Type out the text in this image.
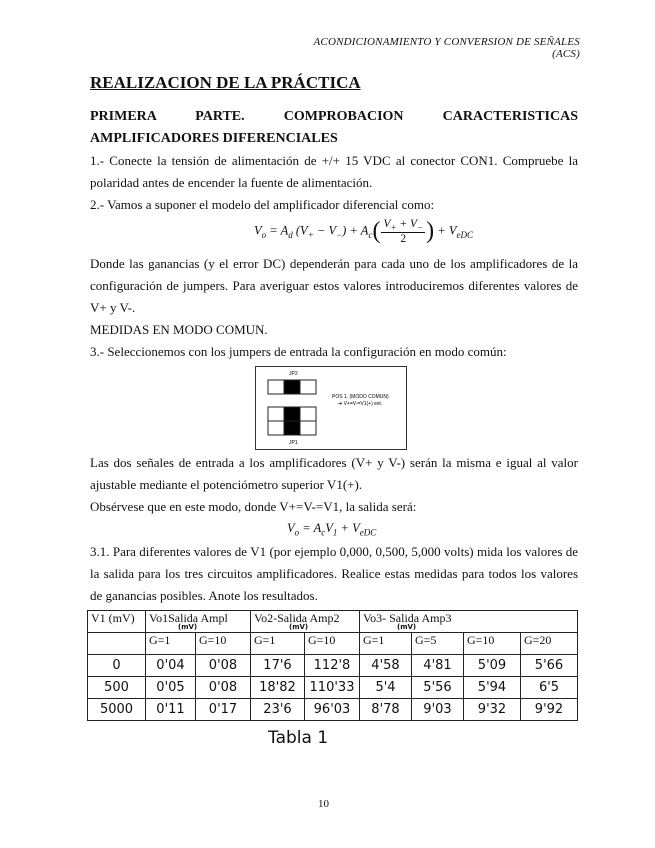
ACONDICIONAMIENTO Y CONVERSION DE SEÑALES (ACS)
REALIZACION DE LA PRÁCTICA
PRIMERA PARTE. COMPROBACION CARACTERISTICAS AMPLIFICADORES DIFERENCIALES
1.- Conecte la tensión de alimentación de +/+ 15 VDC al conector CON1. Compruebe la polaridad antes de encender la fuente de alimentación.
2.- Vamos a suponer el modelo del amplificador diferencial como:
$V_o = A_d$ $(V_+ - V_-) + A_c( \frac{V_+ + V_-}{2}$ ) + $V_{eDC}$
Donde las ganancias (y el error DC) dependerán para cada uno de los amplificadores de la configuración de jumpers. Para averiguar estos valores introduciremos diferentes valores de V+ y V-.
MEDIDAS EN MODO COMUN.
3.- Seleccionemos con los jumpers de entrada la configuración en modo común:
JP2
JP1
POS 1. (MODO COMUN)
➔ V+=V-=V1(+) ext.
Las dos señales de entrada a los amplificadores (V+ y V-) serán la misma e igual al valor ajustable mediante el potenciómetro superior V1(+).
Obsérvese que en este modo, donde V+=V-=V1, la salida será:
$V_o = A_cV_1 + V_{eDC}$
3.1. Para diferentes valores de V1 (por ejemplo 0,000, 0,500, 5,000 volts) mida los valores de la salida para los tres circuitos amplificadores. Realice estas medidas para todos los valores de ganancias posibles. Anote los resultados.
V1 (mV)	Vo1Salida Ampl		Vo2-Salida Amp2		Vo3- Salida Amp3			
	G=1	G=10	G=1	G=10	G=1	G=5	G=10	G=20
0	0'04	0'08	17'6	112'8	4'58	4'81	5'09	5'66
500	0'05	0'08	18'82	110'33	5'4	5'56	5'94	6'5
5000	0'11	0'17	23'6	96'03	8'78	9'03	9'32	9'92
(mV)	(mV)	(mV)
Tabla 1
10
